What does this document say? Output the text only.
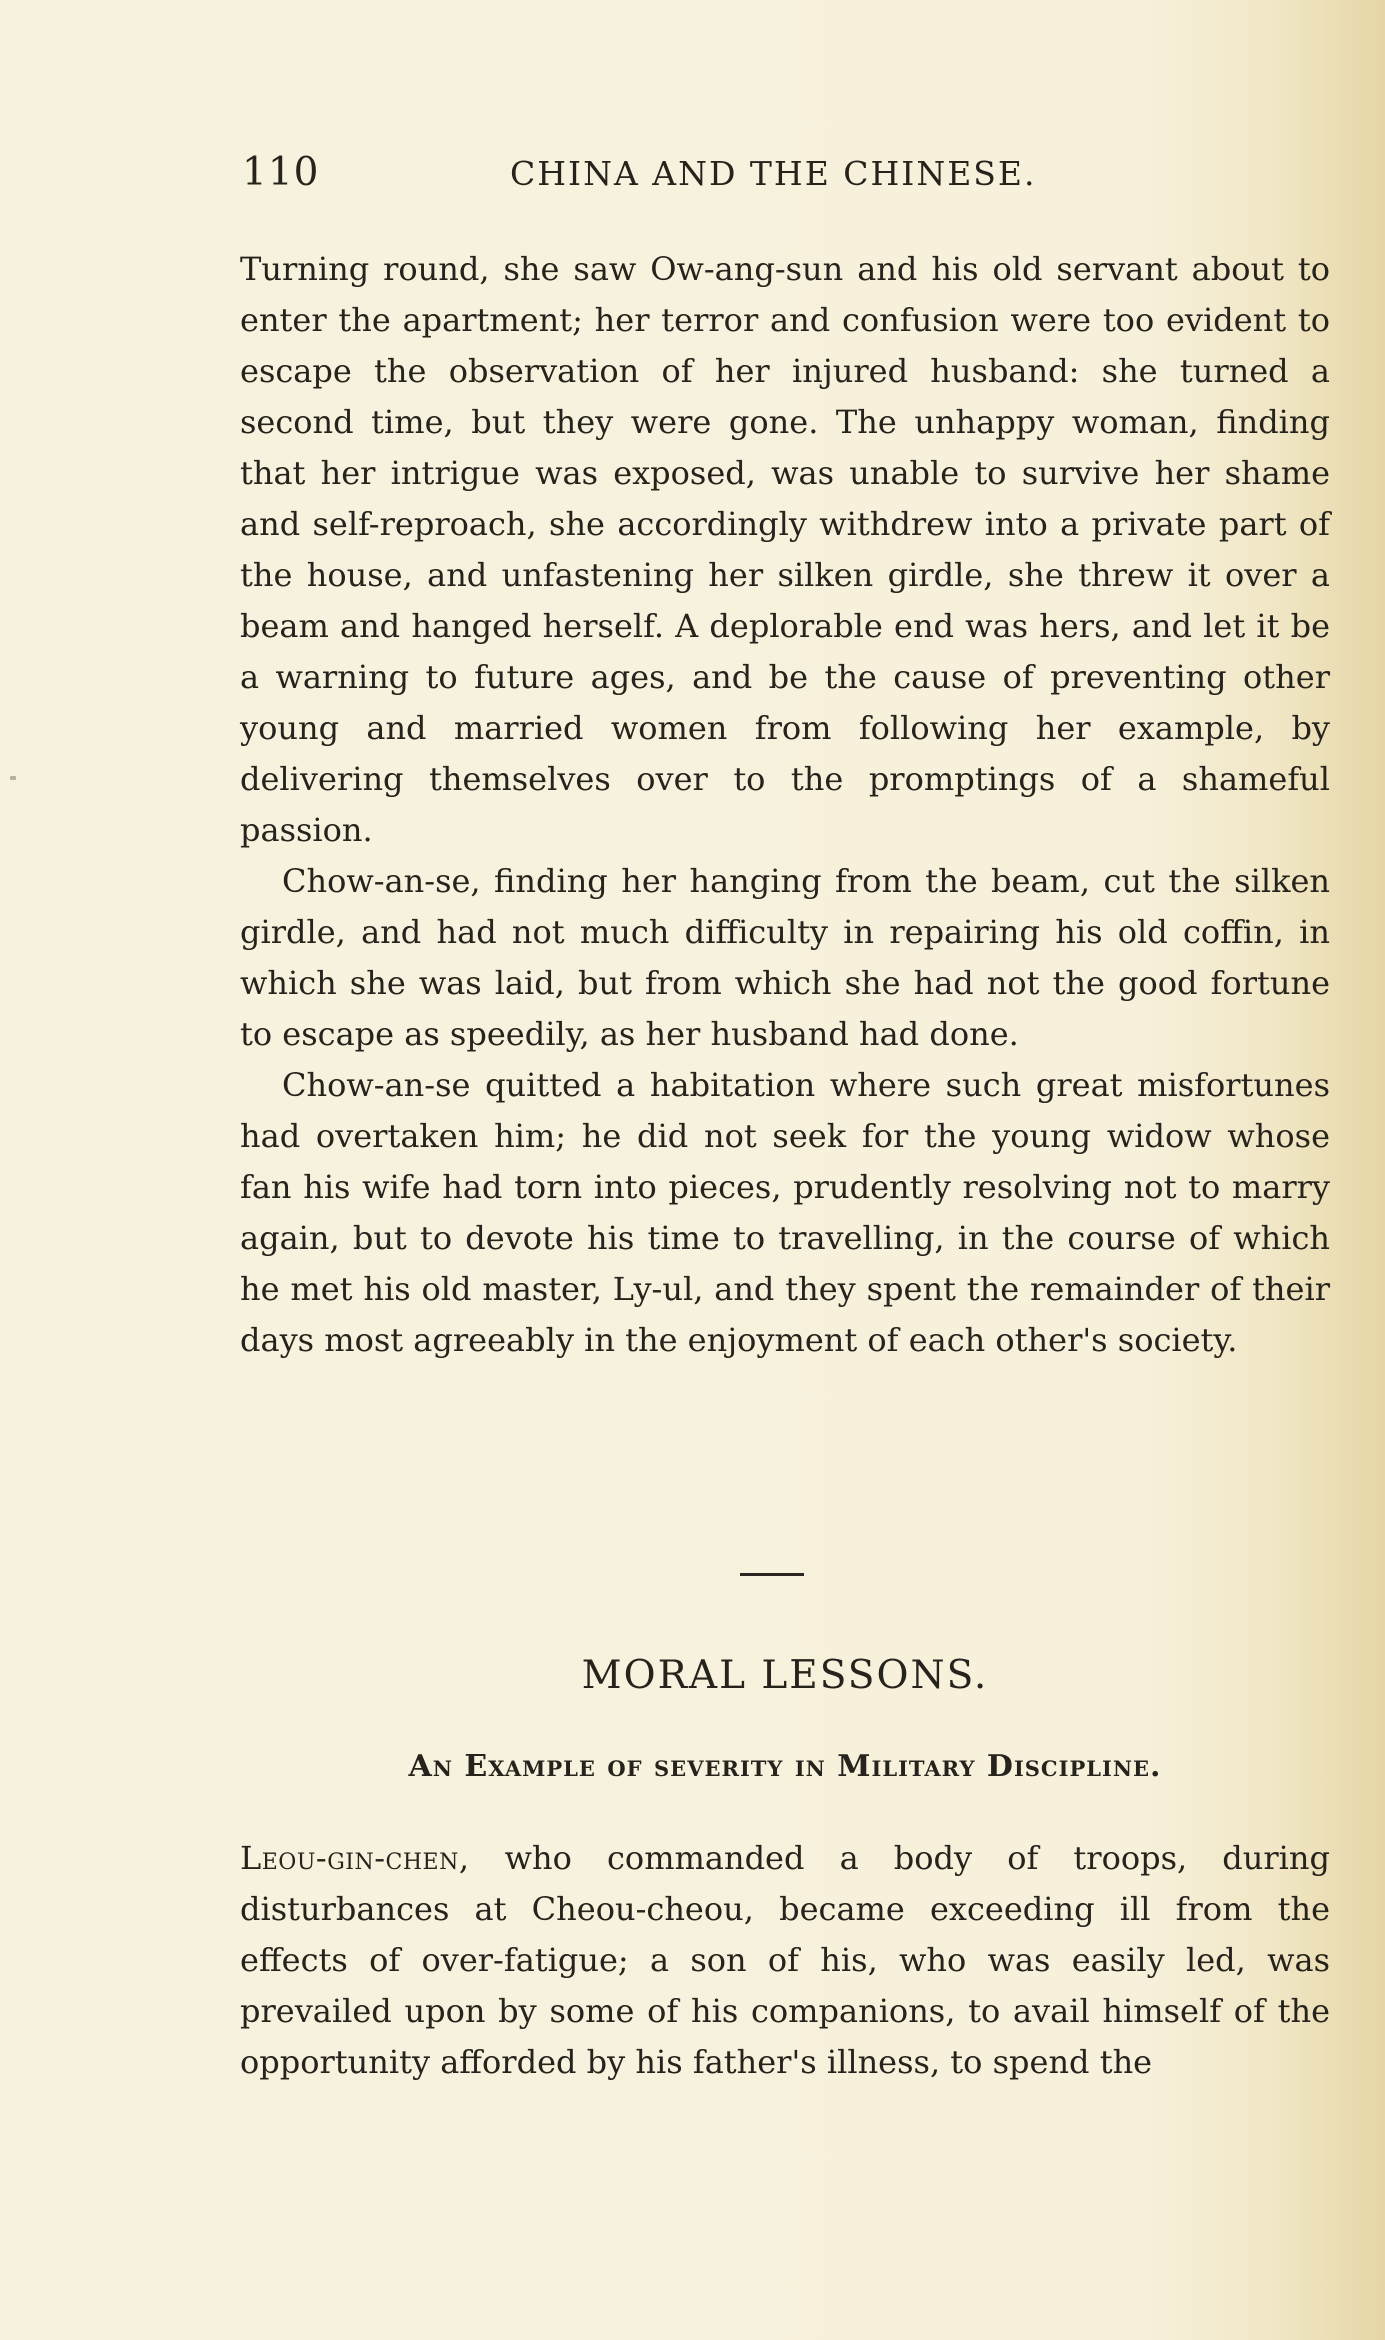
110	CHINA AND THE CHINESE.

Turning round, she saw Ow-ang-sun and his old servant about to enter the apartment; her terror and confusion were too evident to escape the observation of her injured husband: she turned a second time, but they were gone. The unhappy woman, finding that her intrigue was exposed, was unable to survive her shame and self-reproach, she accordingly withdrew into a private part of the house, and unfastening her silken girdle, she threw it over a beam and hanged herself. A deplorable end was hers, and let it be a warning to future ages, and be the cause of preventing other young and married women from following her example, by delivering themselves over to the promptings of a shameful passion.

Chow-an-se, finding her hanging from the beam, cut the silken girdle, and had not much difficulty in repairing his old coffin, in which she was laid, but from which she had not the good fortune to escape as speedily, as her husband had done.

Chow-an-se quitted a habitation where such great misfortunes had overtaken him; he did not seek for the young widow whose fan his wife had torn into pieces, prudently resolving not to marry again, but to devote his time to travelling, in the course of which he met his old master, Ly-ul, and they spent the remainder of their days most agreeably in the enjoyment of each other's society.

MORAL LESSONS.
An Example of severity in Military Discipline.

Leou-gin-chen, who commanded a body of troops, during disturbances at Cheou-cheou, became exceeding ill from the effects of over-fatigue; a son of his, who was easily led, was prevailed upon by some of his companions, to avail himself of the opportunity afforded by his father's illness, to spend the
